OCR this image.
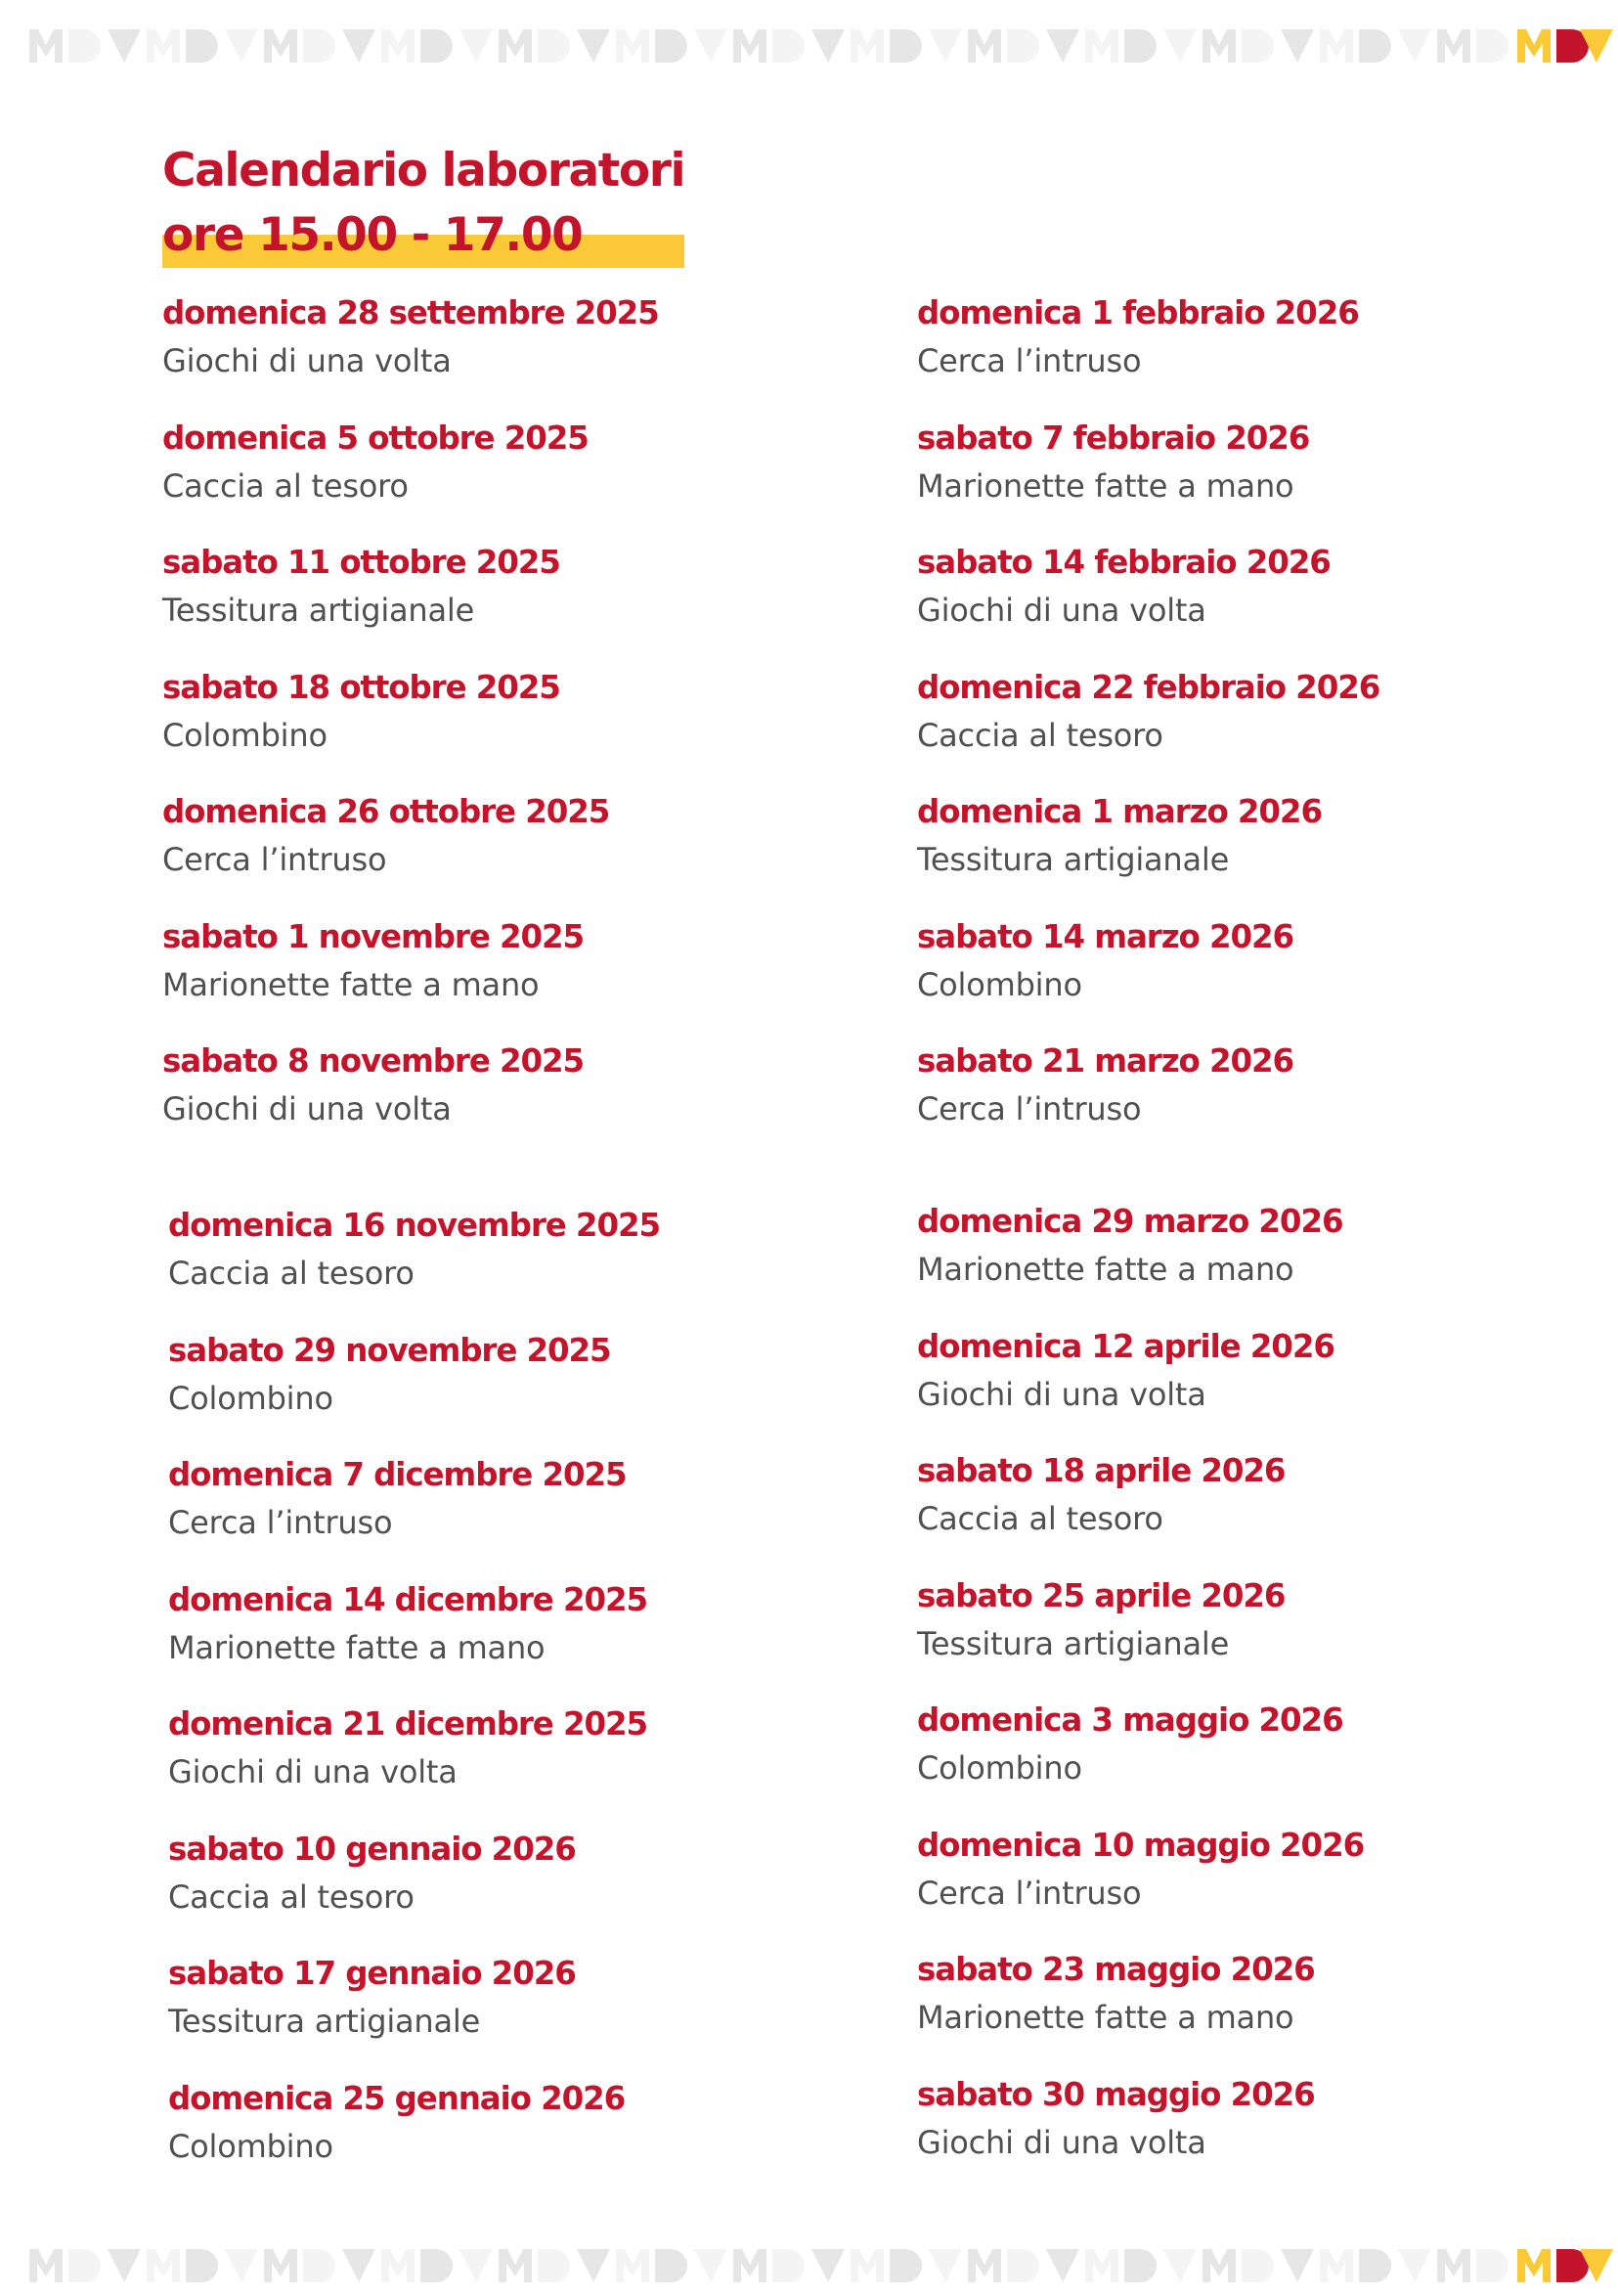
Calendario laboratori
ore 15.00 - 17.00
domenica 28 settembre 2025
Giochi di una volta
domenica 5 ottobre 2025
Caccia al tesoro
sabato 11 ottobre 2025
Tessitura artigianale
sabato 18 ottobre 2025
Colombino
domenica 26 ottobre 2025
Cerca l’intruso
sabato 1 novembre 2025
Marionette fatte a mano
sabato 8 novembre 2025
Giochi di una volta
domenica 1 febbraio 2026
Cerca l’intruso
sabato 7 febbraio 2026
Marionette fatte a mano
sabato 14 febbraio 2026
Giochi di una volta
domenica 22 febbraio 2026
Caccia al tesoro
domenica 1 marzo 2026
Tessitura artigianale
sabato 14 marzo 2026
Colombino
sabato 21 marzo 2026
Cerca l’intruso
domenica 16 novembre 2025
Caccia al tesoro
sabato 29 novembre 2025
Colombino
domenica 7 dicembre 2025
Cerca l’intruso
domenica 14 dicembre 2025
Marionette fatte a mano
domenica 21 dicembre 2025
Giochi di una volta
sabato 10 gennaio 2026
Caccia al tesoro
sabato 17 gennaio 2026
Tessitura artigianale
domenica 25 gennaio 2026
Colombino
domenica 29 marzo 2026
Marionette fatte a mano
domenica 12 aprile 2026
Giochi di una volta
sabato 18 aprile 2026
Caccia al tesoro
sabato 25 aprile 2026
Tessitura artigianale
domenica 3 maggio 2026
Colombino
domenica 10 maggio 2026
Cerca l’intruso
sabato 23 maggio 2026
Marionette fatte a mano
sabato 30 maggio 2026
Giochi di una volta
